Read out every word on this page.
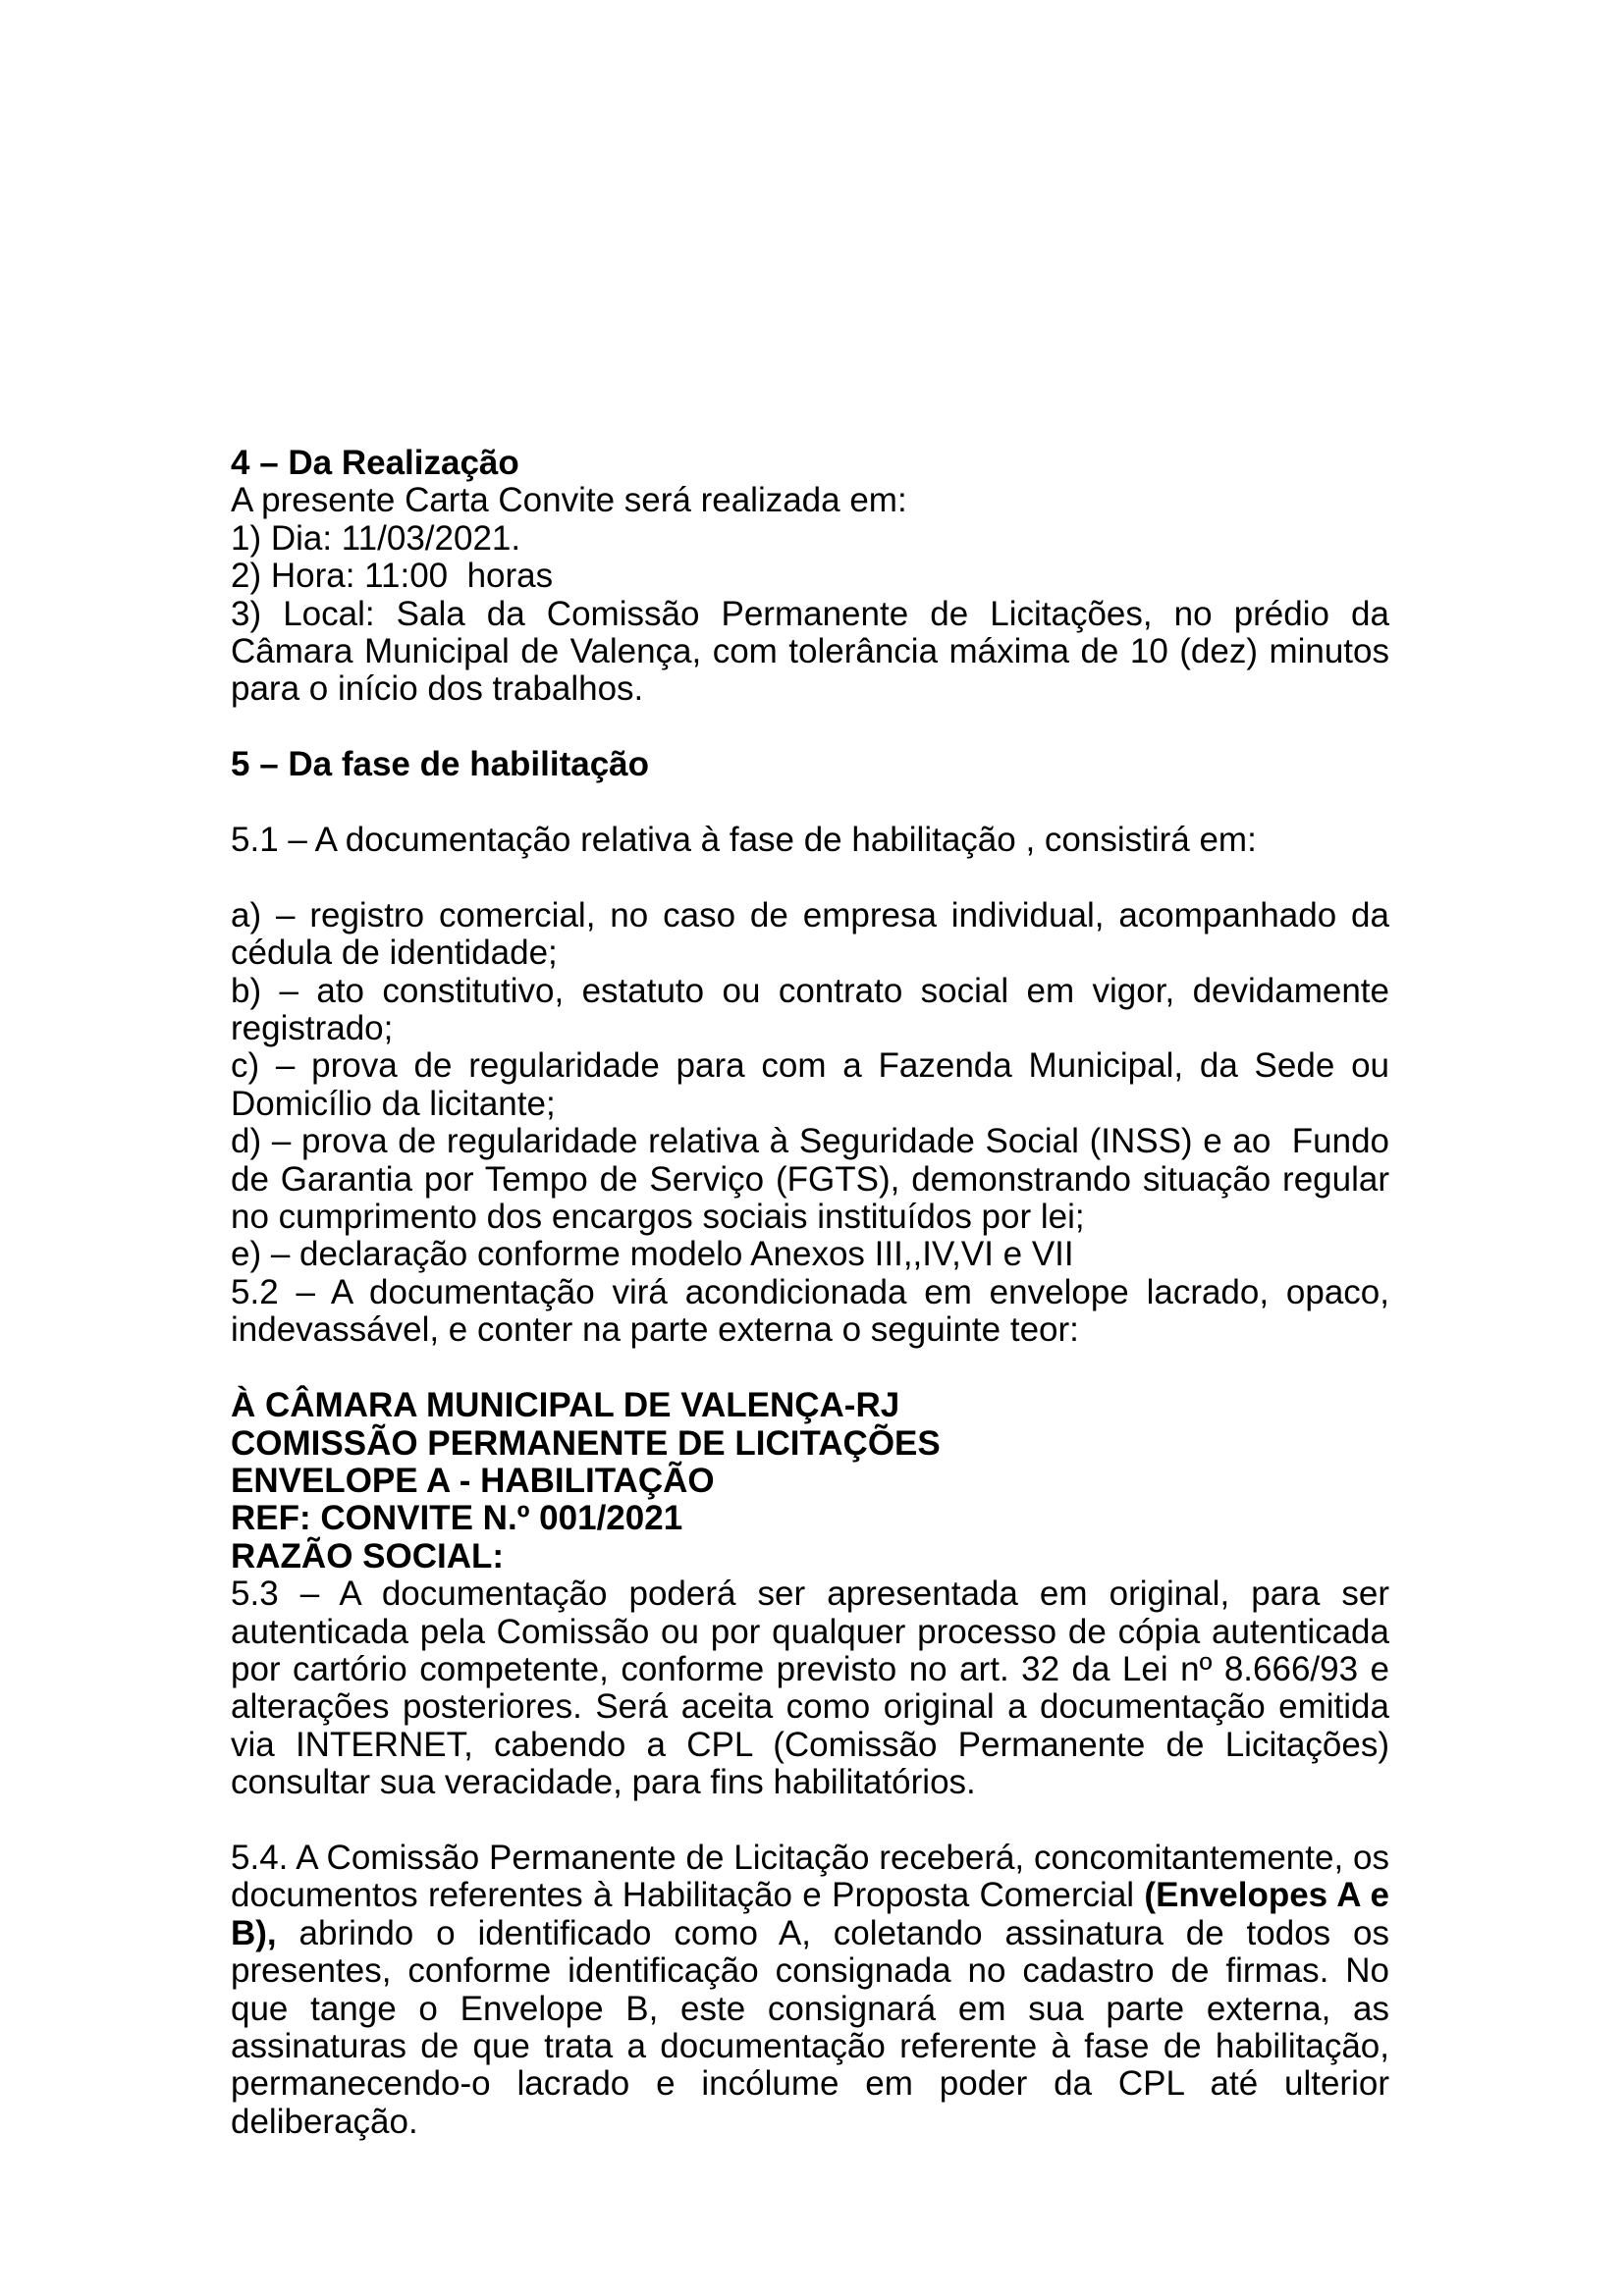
4 – Da Realização

A presente Carta Convite será realizada em:

1) Dia: 11/03/2021.

2) Hora: 11:00  horas

3) Local: Sala da Comissão Permanente de Licitações, no prédio da Câmara Municipal de Valença, com tolerância máxima de 10 (dez) minutos para o início dos trabalhos.

5 – Da fase de habilitação

5.1 – A documentação relativa à fase de habilitação , consistirá em:

a) – registro comercial, no caso de empresa individual, acompanhado da cédula de identidade;

b) – ato constitutivo, estatuto ou contrato social em vigor, devidamente registrado;

c) – prova de regularidade para com a Fazenda Municipal, da Sede ou Domicílio da licitante;

d) – prova de regularidade relativa à Seguridade Social (INSS) e ao  Fundo de Garantia por Tempo de Serviço (FGTS), demonstrando situação regular no cumprimento dos encargos sociais instituídos por lei;

e) – declaração conforme modelo Anexos III,,IV,VI e VII

5.2 – A documentação virá acondicionada em envelope lacrado, opaco, indevassável, e conter na parte externa o seguinte teor:

À CÂMARA MUNICIPAL DE VALENÇA-RJ

COMISSÃO PERMANENTE DE LICITAÇÕES

ENVELOPE A - HABILITAÇÃO

REF: CONVITE N.º 001/2021

RAZÃO SOCIAL:

5.3 – A documentação poderá ser apresentada em original, para ser autenticada pela Comissão ou por qualquer processo de cópia autenticada por cartório competente, conforme previsto no art. 32 da Lei nº 8.666/93 e alterações posteriores. Será aceita como original a documentação emitida via INTERNET, cabendo a CPL (Comissão Permanente de Licitações) consultar sua veracidade, para fins habilitatórios.

5.4. A Comissão Permanente de Licitação receberá, concomitantemente, os documentos referentes à Habilitação e Proposta Comercial (Envelopes A e B), abrindo o identificado como A, coletando assinatura de todos os presentes, conforme identificação consignada no cadastro de firmas. No que tange o Envelope B, este consignará em sua parte externa, as assinaturas de que trata a documentação referente à fase de habilitação, permanecendo-o lacrado e incólume em poder da CPL até ulterior deliberação.
